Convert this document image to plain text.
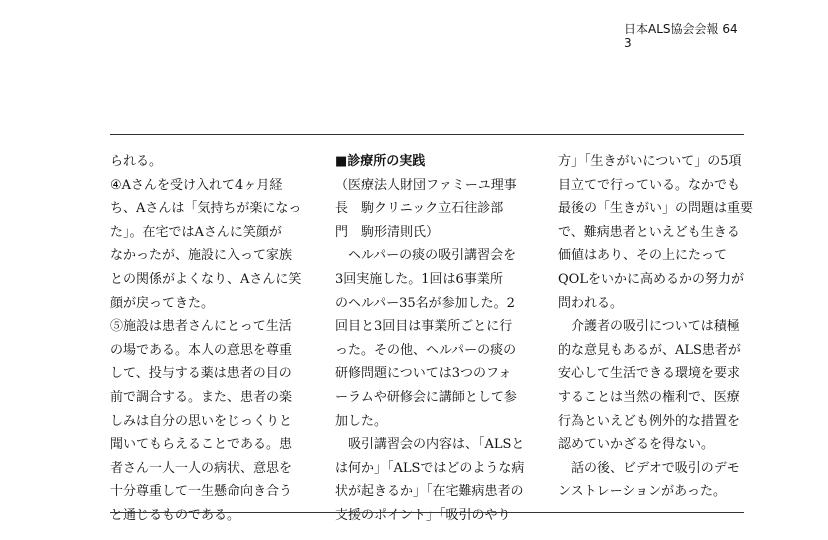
日本ALS協会会報 64
3
られる。
④Aさんを受け入れて4ヶ月経
ち、Aさんは「気持ちが楽になっ
た」。在宅ではAさんに笑顔が
なかったが、施設に入って家族
との関係がよくなり、Aさんに笑
顔が戻ってきた。
⑤施設は患者さんにとって生活
の場である。本人の意思を尊重
して、投与する薬は患者の目の
前で調合する。また、患者の楽
しみは自分の思いをじっくりと
聞いてもらえることである。患
者さん一人一人の病状、意思を
十分尊重して一生懸命向き合う
と通じるものである。
■診療所の実践
（医療法人財団ファミーユ理事
長　駒クリニック立石往診部
門　駒形清則氏）
　ヘルパーの痰の吸引講習会を
3回実施した。1回は6事業所
のヘルパー35名が参加した。2
回目と3回目は事業所ごとに行
った。その他、ヘルパーの痰の
研修問題については3つのフォ
ーラムや研修会に講師として参
加した。
　吸引講習会の内容は、「ALSと
は何か」「ALSではどのような病
状が起きるか」「在宅難病患者の
支援のポイント」「吸引のやり
方」「生きがいについて」の5項
目立てで行っている。なかでも
最後の「生きがい」の問題は重要
で、難病患者といえども生きる
価値はあり、その上にたって
QOLをいかに高めるかの努力が
問われる。
　介護者の吸引については積極
的な意見もあるが、ALS患者が
安心して生活できる環境を要求
することは当然の権利で、医療
行為といえども例外的な措置を
認めていかざるを得ない。
　話の後、ビデオで吸引のデモ
ンストレーションがあった。
